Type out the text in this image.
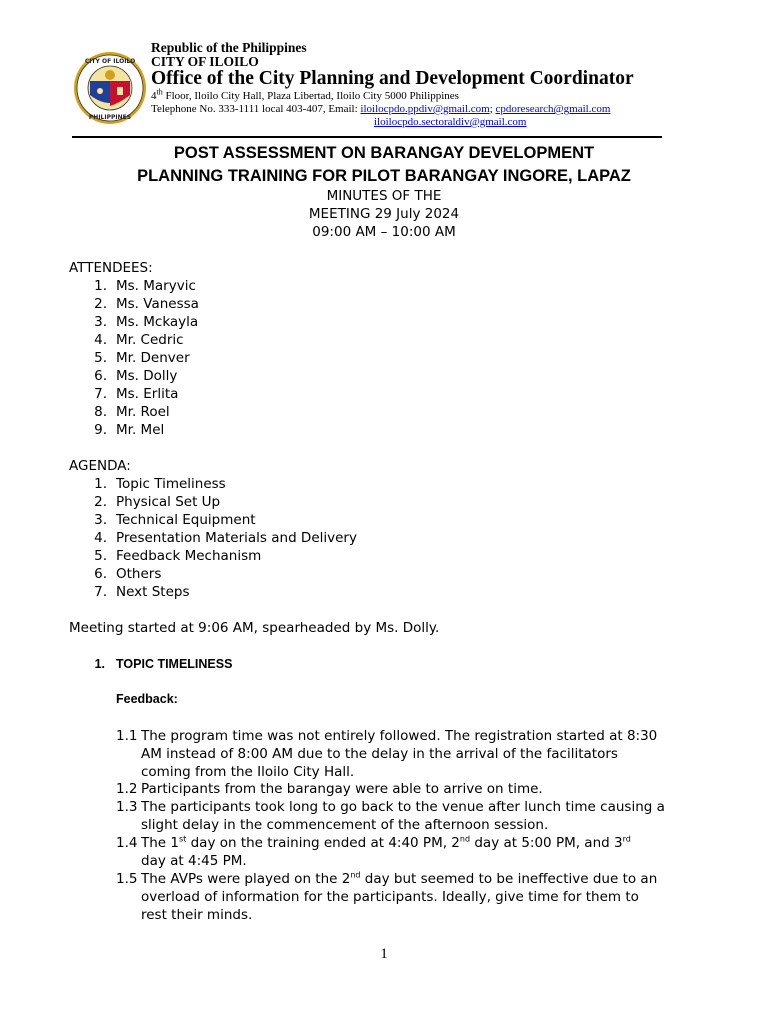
CITY OF ILOILO
PHILIPPINES
Republic of the Philippines
CITY OF ILOILO
Office of the City Planning and Development Coordinator
4th Floor, Iloilo City Hall, Plaza Libertad, Iloilo City 5000 Philippines
Telephone No. 333-1111 local 403-407, Email: iloilocpdo.ppdiv@gmail.com; cpdoresearch@gmail.com
iloilocpdo.sectoraldiv@gmail.com
POST ASSESSMENT ON BARANGAY DEVELOPMENT
PLANNING TRAINING FOR PILOT BARANGAY INGORE, LAPAZ
MINUTES OF THE
MEETING 29 July 2024
09:00 AM – 10:00 AM
ATTENDEES:
1. Ms. Maryvic
2. Ms. Vanessa
3. Ms. Mckayla
4. Mr. Cedric
5. Mr. Denver
6. Ms. Dolly
7. Ms. Erlita
8. Mr. Roel
9. Mr. Mel
AGENDA:
1. Topic Timeliness
2. Physical Set Up
3. Technical Equipment
4. Presentation Materials and Delivery
5. Feedback Mechanism
6. Others
7. Next Steps
Meeting started at 9:06 AM, spearheaded by Ms. Dolly.
1. TOPIC TIMELINESS
Feedback:
1.1 The program time was not entirely followed. The registration started at 8:30
AM instead of 8:00 AM due to the delay in the arrival of the facilitators
coming from the Iloilo City Hall.
1.2 Participants from the barangay were able to arrive on time.
1.3 The participants took long to go back to the venue after lunch time causing a
slight delay in the commencement of the afternoon session.
1.4 The 1st day on the training ended at 4:40 PM, 2nd day at 5:00 PM, and 3rd
day at 4:45 PM.
1.5 The AVPs were played on the 2nd day but seemed to be ineffective due to an
overload of information for the participants. Ideally, give time for them to
rest their minds.
1
